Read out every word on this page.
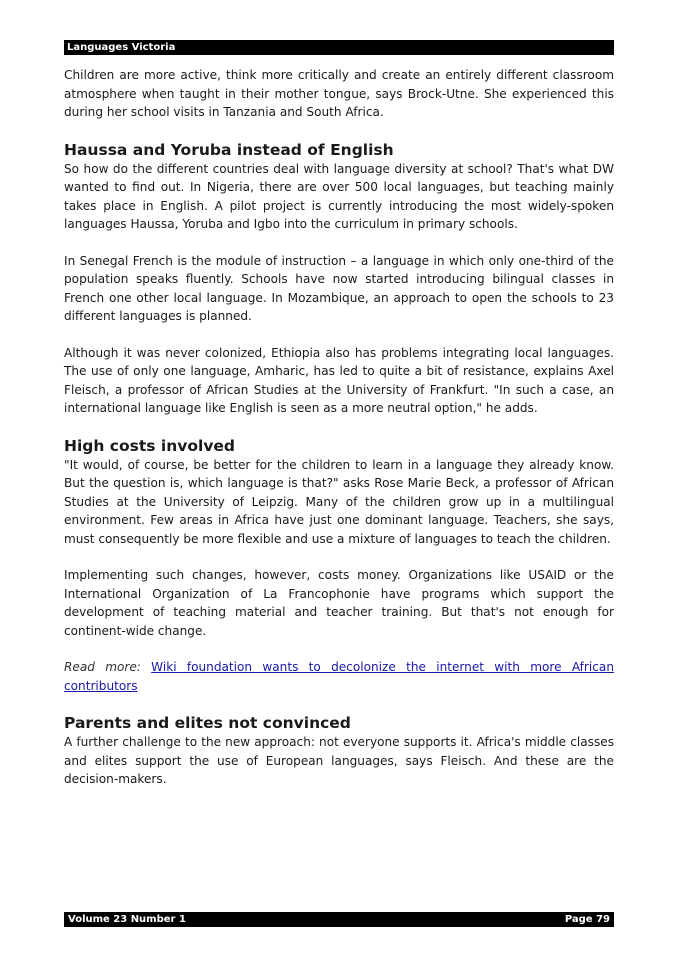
Languages Victoria

Children are more active, think more critically and create an entirely different classroom atmosphere when taught in their mother tongue, says Brock-Utne. She experienced this during her school visits in Tanzania and South Africa.

Haussa and Yoruba instead of English

So how do the different countries deal with language diversity at school? That's what DW wanted to find out. In Nigeria, there are over 500 local languages, but teaching mainly takes place in English. A pilot project is currently introducing the most widely-spoken languages Haussa, Yoruba and Igbo into the curriculum in primary schools.

In Senegal French is the module of instruction – a language in which only one-third of the population speaks fluently. Schools have now started introducing bilingual classes in French one other local language. In Mozambique, an approach to open the schools to 23 different languages is planned.

Although it was never colonized, Ethiopia also has problems integrating local languages. The use of only one language, Amharic, has led to quite a bit of resistance, explains Axel Fleisch, a professor of African Studies at the University of Frankfurt. "In such a case, an international language like English is seen as a more neutral option," he adds.

High costs involved

"It would, of course, be better for the children to learn in a language they already know. But the question is, which language is that?" asks Rose Marie Beck, a professor of African Studies at the University of Leipzig. Many of the children grow up in a multilingual environment. Few areas in Africa have just one dominant language. Teachers, she says, must consequently be more flexible and use a mixture of languages to teach the children.

Implementing such changes, however, costs money. Organizations like USAID or the International Organization of La Francophonie have programs which support the development of teaching material and teacher training. But that's not enough for continent-wide change.

Read more: Wiki foundation wants to decolonize the internet with more African contributors

Parents and elites not convinced

A further challenge to the new approach: not everyone supports it. Africa's middle classes and elites support the use of European languages, says Fleisch. And these are the decision-makers.

Volume 23 Number 1	Page 79
